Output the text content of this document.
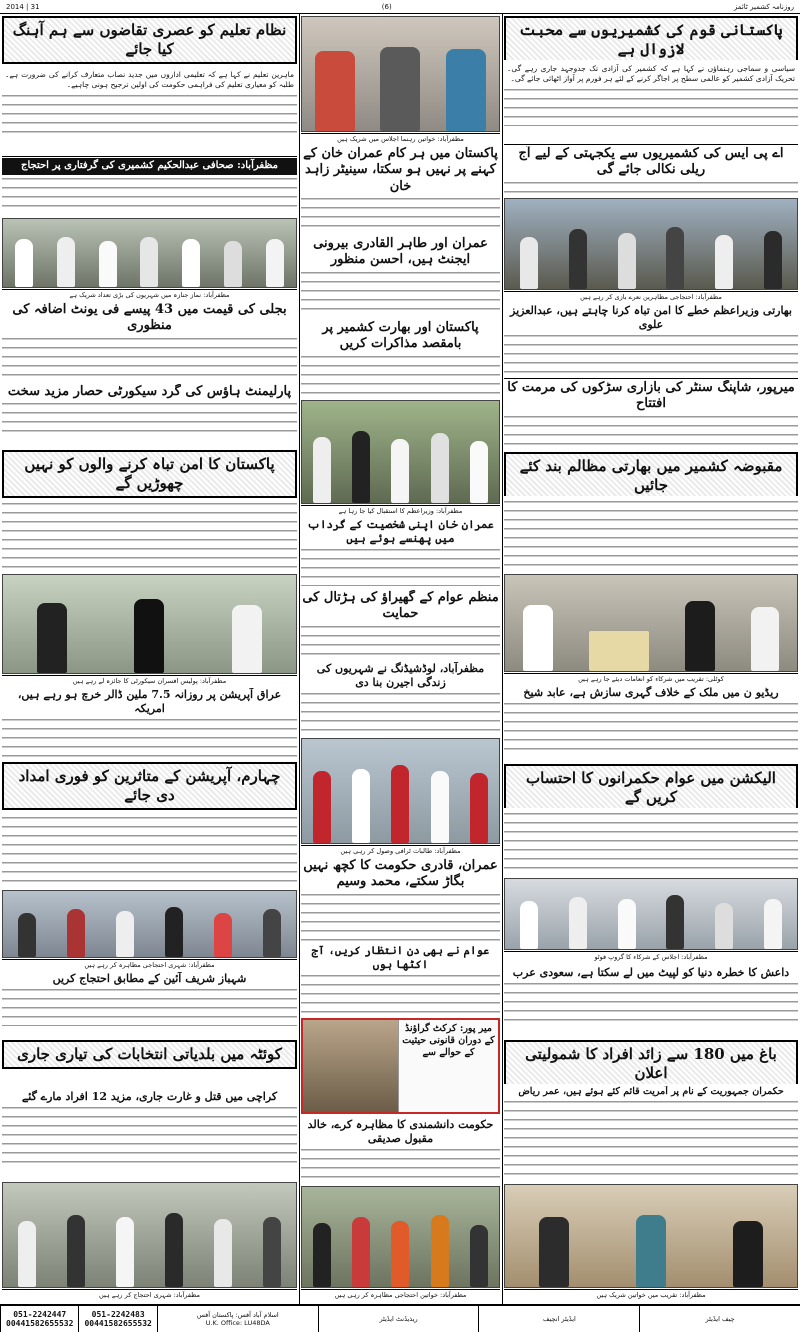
روزنامہ کشمیر ٹائمز
(6)
31 | 2014
پاکستانی قوم کی کشمیریوں سے محبت لازوال ہے
سیاسی و سماجی رہنماؤں نے کہا ہے کہ کشمیر کی آزادی تک جدوجہد جاری رہے گی۔ تحریک آزادی کشمیر کو عالمی سطح پر اجاگر کرنے کے لئے ہر فورم پر آواز اٹھائی جائے گی۔
اے پی ایس کی کشمیریوں سے یکجہتی کے لیے آج ریلی نکالی جائے گی
مظفرآباد: احتجاجی مظاہرین نعرے بازی کر رہے ہیں
بھارتی وزیراعظم خطے کا امن تباہ کرنا چاہتے ہیں، عبدالعزیز علوی
میرپور، شاپنگ سنٹر کی بازاری سڑکوں کی مرمت کا افتتاح
مقبوضہ کشمیر میں بھارتی مظالم بند کئے جائیں
کوٹلی: تقریب میں شرکاء کو انعامات دیئے جا رہے ہیں
ریڈیو ن میں ملک کے خلاف گہری سازش ہے، عابد شیخ
الیکشن میں عوام حکمرانوں کا احتساب کریں گے
مظفرآباد: اجلاس کے شرکاء کا گروپ فوٹو
داعش کا خطرہ دنیا کو لپیٹ میں لے سکتا ہے، سعودی عرب
باغ میں 180 سے زائد افراد کا شمولیتی اعلان
حکمران جمہوریت کے نام پر آمریت قائم کئے ہوئے ہیں، عمر ریاض
مظفرآباد: تقریب میں خواتین شریک ہیں
مظفرآباد: خواتین رہنما اجلاس میں شریک ہیں
پاکستان میں ہر کام عمران خان کے کہنے پر نہیں ہو سکتا، سینیٹر زاہد خان
عمران اور طاہر القادری بیرونی ایجنٹ ہیں، احسن منظور
پاکستان اور بھارت کشمیر پر بامقصد مذاکرات کریں
مظفرآباد: وزیراعظم کا استقبال کیا جا رہا ہے
عمران خان اپنی شخصیت کے گرداب میں پھنسے ہوئے ہیں
منظم عوام کے گھیراؤ کی ہڑتال کی حمایت
مظفرآباد، لوڈشیڈنگ نے شہریوں کی زندگی اجیرن بنا دی
مظفرآباد: طالبات ٹرافی وصول کر رہی ہیں
عمران، قادری حکومت کا کچھ نہیں بگاڑ سکتے، محمد وسیم
عوام نے بھی دن انتظار کریں، آج اکٹھا ہوں
میر پور: کرکٹ گراؤنڈ کے دوران قانونی حیثیت کے حوالے سے
حکومت دانشمندی کا مظاہرہ کرے، خالد مقبول صدیقی
مظفرآباد: خواتین احتجاجی مظاہرہ کر رہی ہیں
نظام تعلیم کو عصری تقاضوں سے ہم آہنگ کیا جائے
ماہرین تعلیم نے کہا ہے کہ تعلیمی اداروں میں جدید نصاب متعارف کرانے کی ضرورت ہے۔ طلبہ کو معیاری تعلیم کی فراہمی حکومت کی اولین ترجیح ہونی چاہیے۔
مظفرآباد: صحافی عبدالحکیم کشمیری کی گرفتاری پر احتجاج
مظفرآباد: نماز جنازہ میں شہریوں کی بڑی تعداد شریک ہے
بجلی کی قیمت میں 43 پیسے فی یونٹ اضافہ کی منظوری
پارلیمنٹ ہاؤس کی گرد سیکورٹی حصار مزید سخت
پاکستان کا امن تباہ کرنے والوں کو نہیں چھوڑیں گے
مظفرآباد: پولیس افسران سیکورٹی کا جائزہ لے رہے ہیں
عراق آپریشن پر روزانہ 7.5 ملین ڈالر خرچ ہو رہے ہیں، امریکہ
چہارم، آپریشن کے متاثرین کو فوری امداد دی جائے
مظفرآباد: شہری احتجاجی مظاہرہ کر رہے ہیں
شہباز شریف آئین کے مطابق احتجاج کریں
کوئٹہ میں بلدیاتی انتخابات کی تیاری جاری
کراچی میں قتل و غارت جاری، مزید 12 افراد مارے گئے
مظفرآباد: شہری احتجاج کر رہے ہیں
چیف ایڈیٹر
ایڈیٹر انچیف
ریذیڈنٹ ایڈیٹر
اسلام آباد آفس: پاکستان آفس
U.K. Office: LU48DA
051-2242483
00441582655532
051-2242447
00441582655532
